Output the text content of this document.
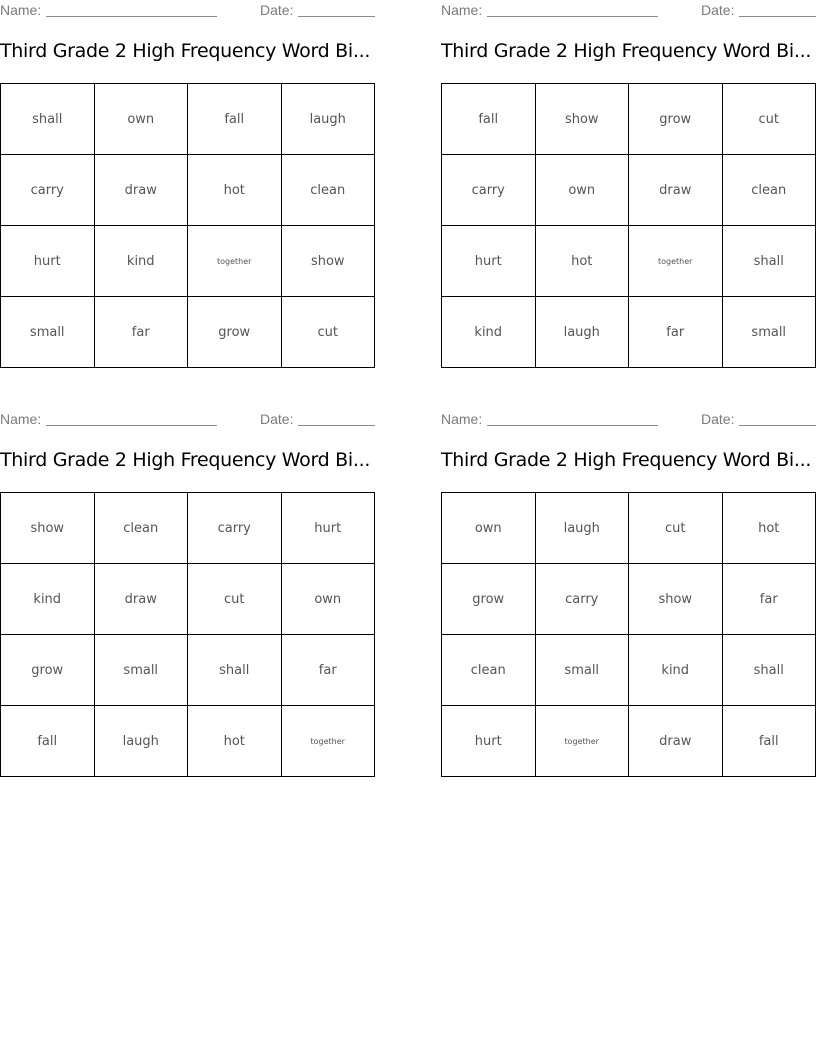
Name:	Date:
Third Grade 2 High Frequency Word Bi...
shall	own	fall	laugh
carry	draw	hot	clean
hurt	kind	together	show
small	far	grow	cut
Name:	Date:
Third Grade 2 High Frequency Word Bi...
fall	show	grow	cut
carry	own	draw	clean
hurt	hot	together	shall
kind	laugh	far	small
Name:	Date:
Third Grade 2 High Frequency Word Bi...
show	clean	carry	hurt
kind	draw	cut	own
grow	small	shall	far
fall	laugh	hot	together
Name:	Date:
Third Grade 2 High Frequency Word Bi...
own	laugh	cut	hot
grow	carry	show	far
clean	small	kind	shall
hurt	together	draw	fall
